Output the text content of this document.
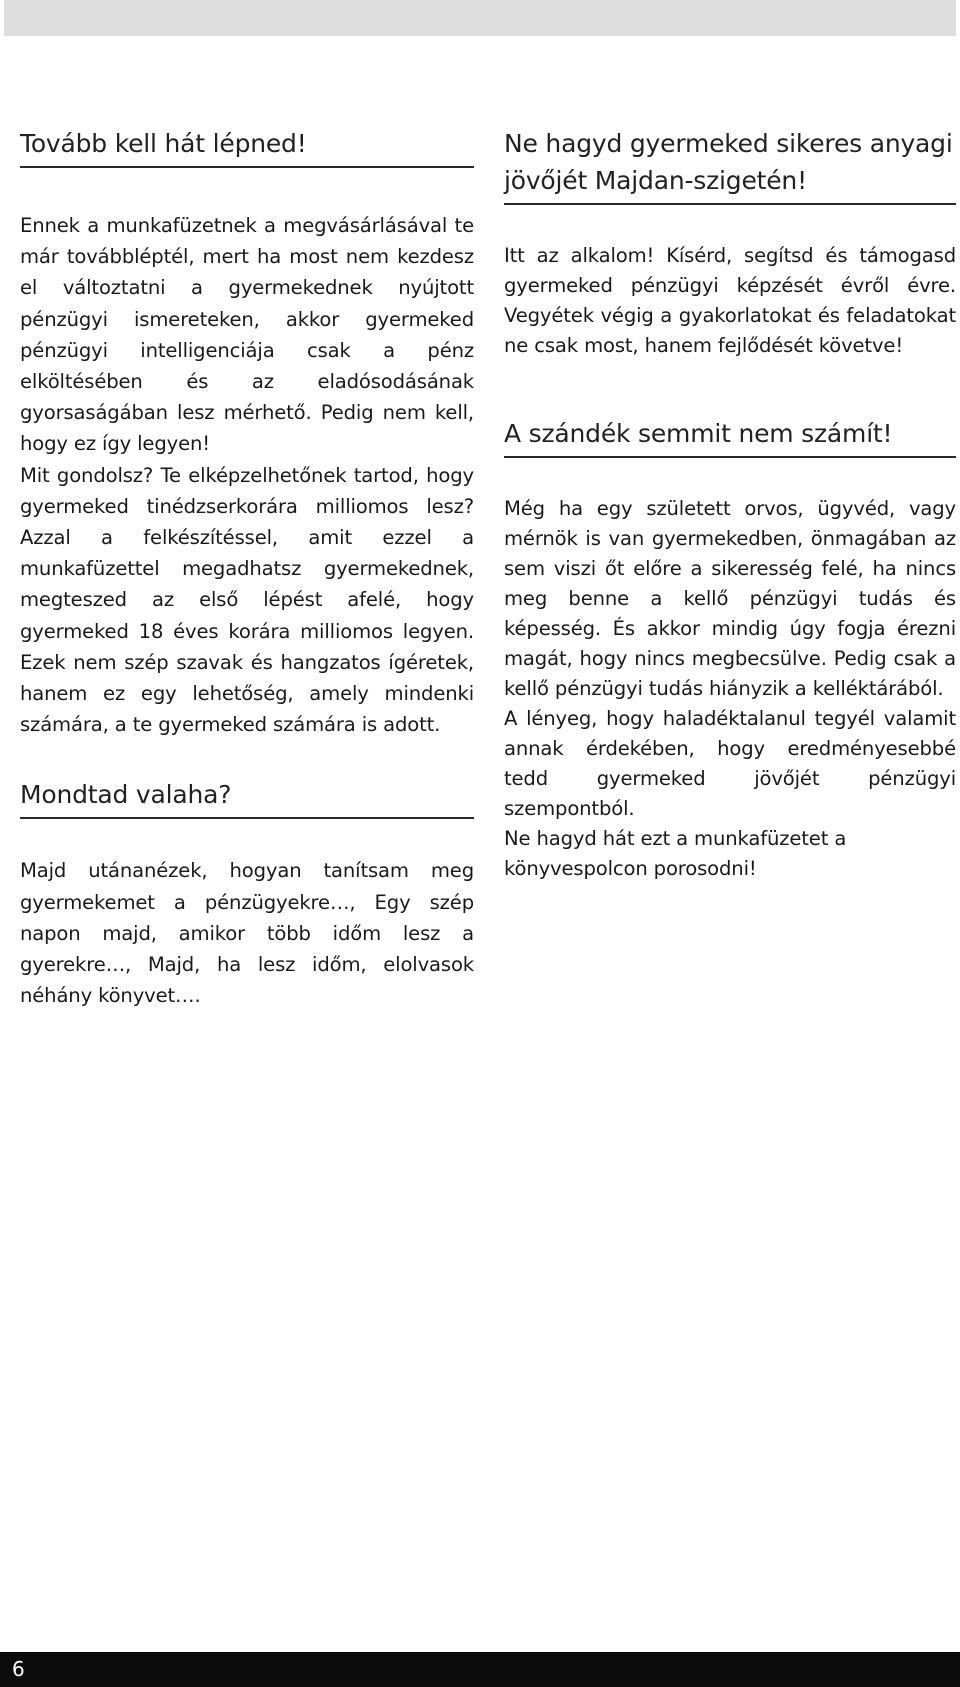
Tovább kell hát lépned!

Ennek a munkafüzetnek a megvásárlásával te már továbbléptél, mert ha most nem kezdesz el változtatni a gyermekednek nyújtott pénzügyi ismereteken, akkor gyermeked pénzügyi intelligenciája csak a pénz elköltésében és az eladósodásának gyorsaságában lesz mérhető. Pedig nem kell, hogy ez így legyen!

Mit gondolsz? Te elképzelhetőnek tartod, hogy gyermeked tinédzserkorára milliomos lesz? Azzal a felkészítéssel, amit ezzel a munkafüzettel megadhatsz gyermekednek, megteszed az első lépést afelé, hogy gyermeked 18 éves korára milliomos legyen. Ezek nem szép szavak és hangzatos ígéretek, hanem ez egy lehetőség, amely mindenki számára, a te gyermeked számára is adott.

Mondtad valaha?

Majd utánanézek, hogyan tanítsam meg gyermekemet a pénzügyekre…, Egy szép napon majd, amikor több időm lesz a gyerekre…, Majd, ha lesz időm, elolvasok néhány könyvet….

Ne hagyd gyermeked sikeres anyagi jövőjét Majdan-szigetén!

Itt az alkalom! Kísérd, segítsd és támogasd gyermeked pénzügyi képzését évről évre. Vegyétek végig a gyakorlatokat és feladatokat ne csak most, hanem fejlődését követve!

A szándék semmit nem számít!

Még ha egy született orvos, ügyvéd, vagy mérnök is van gyermekedben, önmagában az sem viszi őt előre a sikeresség felé, ha nincs meg benne a kellő pénzügyi tudás és képesség. És akkor mindig úgy fogja érezni magát, hogy nincs megbecsülve. Pedig csak a kellő pénzügyi tudás hiányzik a kelléktárából.

A lényeg, hogy haladéktalanul tegyél valamit annak érdekében, hogy eredményesebbé tedd gyermeked jövőjét pénzügyi szempontból.

Ne hagyd hát ezt a munkafüzetet a könyvespolcon porosodni!

6
